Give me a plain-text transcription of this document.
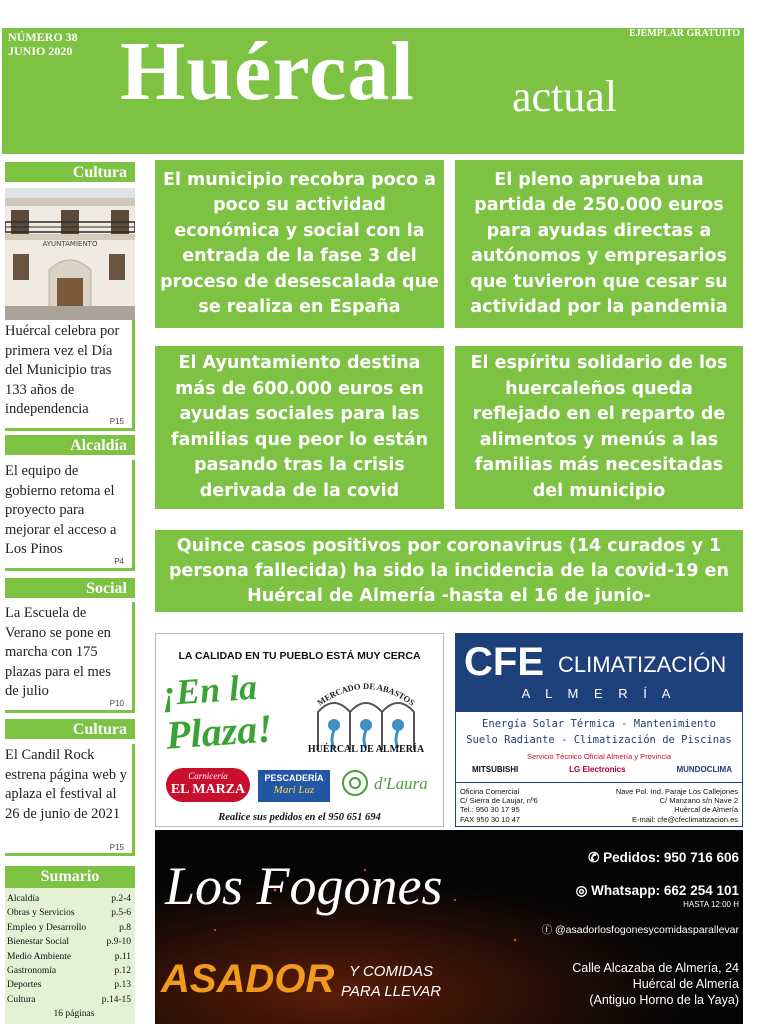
NÚMERO 38
JUNIO 2020
EJEMPLAR GRATUITO
Huércal actual
Cultura
AYUNTAMIENTO
Huércal celebra por primera vez el Día del Municipio tras 133 años de independencia
P15
Alcaldía
El equipo de gobierno retoma el proyecto para mejorar el acceso a Los Pinos
P4
Social
La Escuela de Verano se pone en marcha con 175 plazas para el mes de julio
P10
Cultura
El Candil Rock estrena página web y aplaza el festival al 26 de junio de 2021
P15
Sumario
Alcaldía	p.2-4
Obras y Servicios	p.5-6
Empleo y Desarrollo	p.8
Bienestar Social	p.9-10
Medio Ambiente	p.11
Gastronomía	p.12
Deportes	p.13
Cultura	p.14-15
16 páginas
El municipio recobra poco a poco su actividad económica y social con la entrada de la fase 3 del proceso de desescalada que se realiza en España
El pleno aprueba una partida de 250.000 euros para ayudas directas a autónomos y empresarios que tuvieron que cesar su actividad por la pandemia
El Ayuntamiento destina más de 600.000 euros en ayudas sociales para las familias que peor lo están pasando tras la crisis derivada de la covid
El espíritu solidario de los huercaleños queda reflejado en el reparto de alimentos y menús a las familias más necesitadas del municipio
Quince casos positivos por coronavirus (14 curados y 1 persona fallecida) ha sido la incidencia de la covid-19 en Huércal de Almería -hasta el 16 de junio-
LA CALIDAD EN TU PUEBLO ESTÁ MUY CERCA
¡En la
Plaza!
MERCADO DE ABASTOS
HUÉRCAL DE ALMERÍA
Carnicería
EL MARZA
PESCADERÍA
Mari Luz	d'Laura
Realice sus pedidos en el 950 651 694
CFE CLIMATIZACIÓN
A L M E R Í A
Energía Solar Térmica - Mantenimiento
Suelo Radiante - Climatización de Piscinas
Servicio Técnico Oficial Almería y Provincia
MITSUBISHI	LG Electronics	MUNDOCLIMA
Oficina Comercial
C/ Sierra de Laujar, nº6
Tel.: 950 30 17 95
FAX 950 30 10 47
Nave Pol. Ind. Paraje Los Callejones
C/ Manzano s/n Nave 2
Huércal de Almería
E-mail: cfe@cfeclimatizacion.es
Los Fogones
ASADOR Y COMIDAS
PARA LLEVAR
✆ Pedidos: 950 716 606
◎ Whatsapp: 662 254 101
HASTA 12:00 H
ⓕ @asadorlosfogonesycomidasparallevar
Calle Alcazaba de Almería, 24
Huércal de Almería
(Antiguo Horno de la Yaya)
